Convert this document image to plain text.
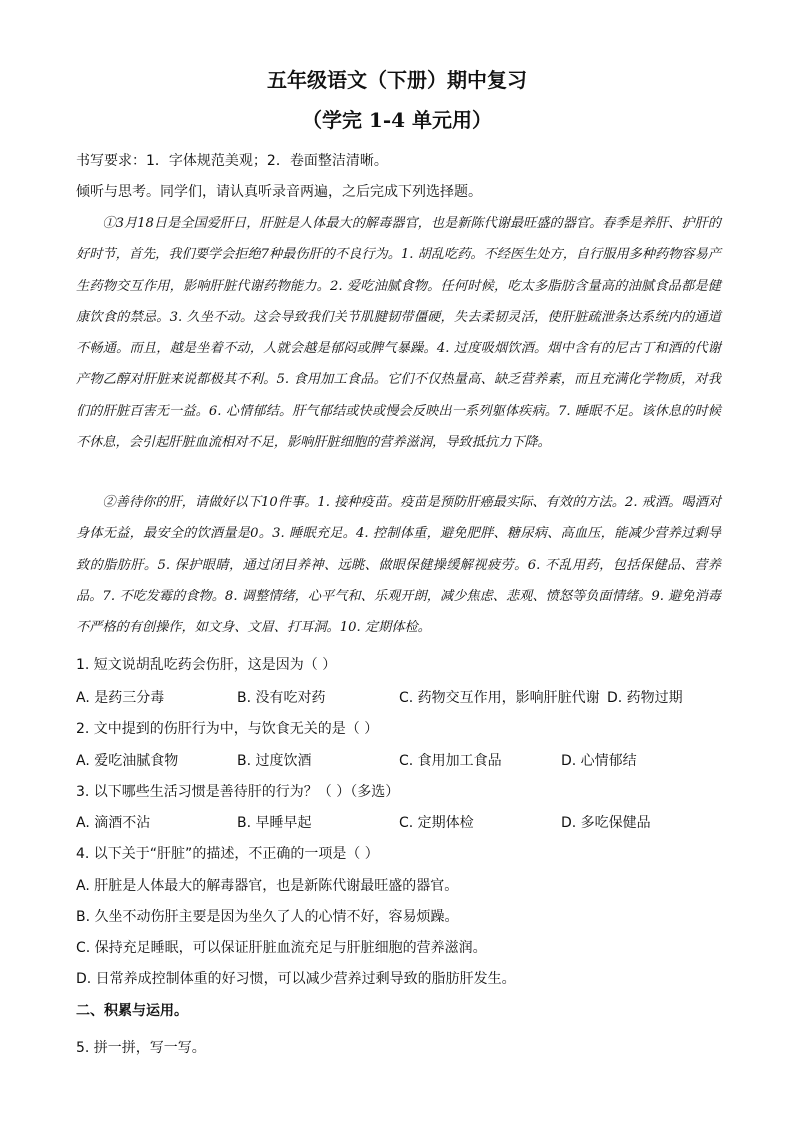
五年级语文（下册）期中复习
（学完 1-4 单元用）
书写要求：1．字体规范美观；2．卷面整洁清晰。
倾听与思考。同学们，请认真听录音两遍，之后完成下列选择题。

①3月18日是全国爱肝日，肝脏是人体最大的解毒器官，也是新陈代谢最旺盛的器官。春季是养肝、护肝的好时节，首先，我们要学会拒绝7种最伤肝的不良行为。1. 胡乱吃药。不经医生处方，自行服用多种药物容易产生药物交互作用，影响肝脏代谢药物能力。2. 爱吃油腻食物。任何时候，吃太多脂肪含量高的油腻食品都是健康饮食的禁忌。3. 久坐不动。这会导致我们关节肌腱韧带僵硬，失去柔韧灵活，使肝脏疏泄条达系统内的通道不畅通。而且，越是坐着不动，人就会越是郁闷或脾气暴躁。4. 过度吸烟饮酒。烟中含有的尼古丁和酒的代谢产物乙醇对肝脏来说都极其不利。5. 食用加工食品。它们不仅热量高、缺乏营养素，而且充满化学物质，对我们的肝脏百害无一益。6. 心情郁结。肝气郁结或快或慢会反映出一系列躯体疾病。7. 睡眠不足。该休息的时候不休息，会引起肝脏血流相对不足，影响肝脏细胞的营养滋润，导致抵抗力下降。

②善待你的肝，请做好以下10件事。1. 接种疫苗。疫苗是预防肝癌最实际、有效的方法。2. 戒酒。喝酒对身体无益，最安全的饮酒量是0。3. 睡眠充足。4. 控制体重，避免肥胖、糖尿病、高血压，能减少营养过剩导致的脂肪肝。5. 保护眼睛，通过闭目养神、远眺、做眼保健操缓解视疲劳。6. 不乱用药，包括保健品、营养品。7. 不吃发霉的食物。8. 调整情绪，心平气和、乐观开朗，减少焦虑、悲观、愤怒等负面情绪。9. 避免消毒不严格的有创操作，如文身、文眉、打耳洞。10. 定期体检。

1. 短文说胡乱吃药会伤肝，这是因为（ ）
A. 是药三分毒	B. 没有吃对药	C. 药物交互作用，影响肝脏代谢 D. 药物过期
2. 文中提到的伤肝行为中，与饮食无关的是（ ）
A. 爱吃油腻食物	B. 过度饮酒	C. 食用加工食品	D. 心情郁结
3. 以下哪些生活习惯是善待肝的行为？（ ）（多选）
A. 滴酒不沾	B. 早睡早起	C. 定期体检	D. 多吃保健品
4. 以下关于“肝脏”的描述，不正确的一项是（ ）
A. 肝脏是人体最大的解毒器官，也是新陈代谢最旺盛的器官。
B. 久坐不动伤肝主要是因为坐久了人的心情不好，容易烦躁。
C. 保持充足睡眠，可以保证肝脏血流充足与肝脏细胞的营养滋润。
D. 日常养成控制体重的好习惯，可以减少营养过剩导致的脂肪肝发生。
二、积累与运用。
5. 拼一拼，写一写。
